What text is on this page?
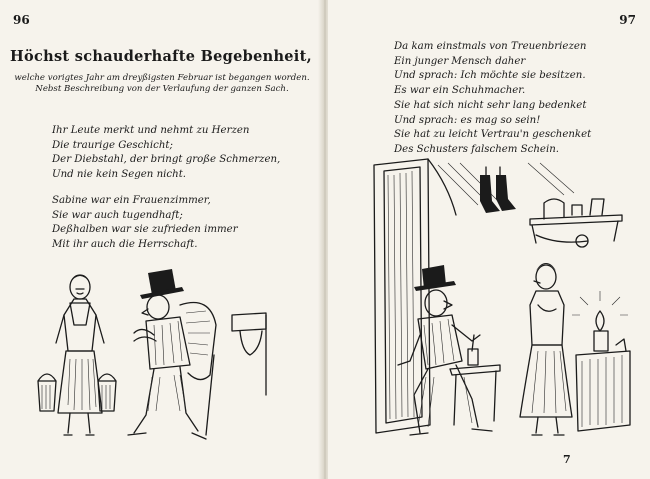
96
Höchst schauderhafte Begebenheit,
welche vorigtes Jahr am dreyßigsten Februar ist begangen worden.
Nebst Beschreibung von der Verlaufung der ganzen Sach.
Ihr Leute merkt und nehmt zu Herzen
Die traurige Geschicht;
Der Diebstahl, der bringt große Schmerzen,
Und nie kein Segen nicht.
Sabine war ein Frauenzimmer,
Sie war auch tugendhaft;
Deßhalben war sie zufrieden immer
Mit ihr auch die Herrschaft.
97
Da kam einstmals von Treuenbriezen
Ein junger Mensch daher
Und sprach: Ich möchte sie besitzen.
Es war ein Schuhmacher.
Sie hat sich nicht sehr lang bedenket
Und sprach: es mag so sein!
Sie hat zu leicht Vertrau'n geschenket
Des Schusters falschem Schein.
7
